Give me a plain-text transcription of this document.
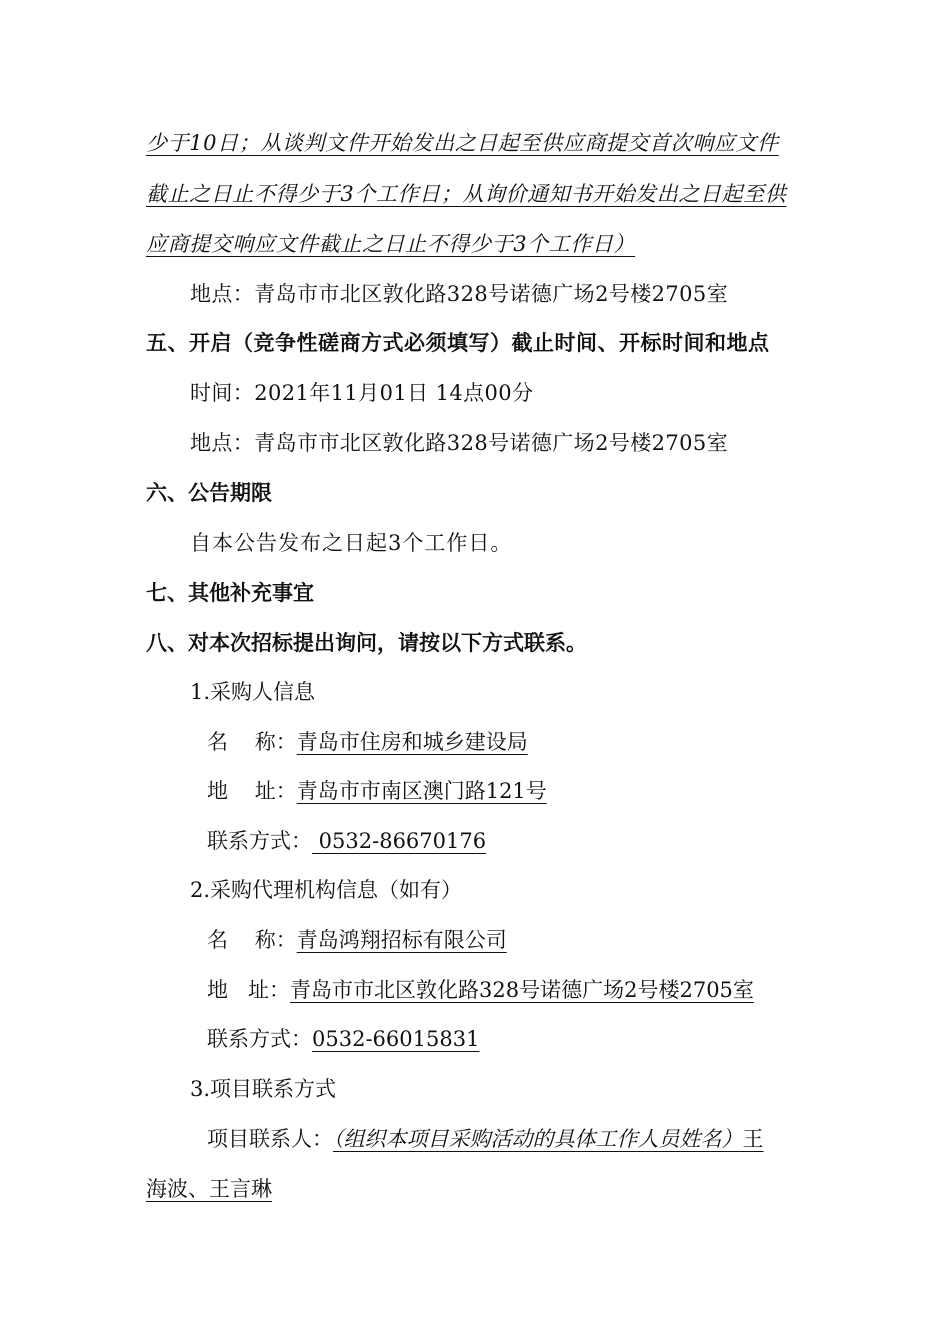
少于10日；从谈判文件开始发出之日起至供应商提交首次响应文件
截止之日止不得少于3个工作日；从询价通知书开始发出之日起至供
应商提交响应文件截止之日止不得少于3个工作日）
地点：青岛市市北区敦化路328号诺德广场2号楼2705室
五、开启（竞争性磋商方式必须填写）截止时间、开标时间和地点
时间：2021年11月01日 14点00分
地点：青岛市市北区敦化路328号诺德广场2号楼2705室
六、公告期限
自本公告发布之日起3个工作日。
七、其他补充事宜
八、对本次招标提出询问，请按以下方式联系。
1.采购人信息
名    称：青岛市住房和城乡建设局
地    址：青岛市市南区澳门路121号
联系方式： 0532-86670176
2.采购代理机构信息（如有）
名    称：青岛鸿翔招标有限公司
地   址：青岛市市北区敦化路328号诺德广场2号楼2705室
联系方式：0532-66015831
3.项目联系方式
项目联系人：（组织本项目采购活动的具体工作人员姓名）王
海波、王言琳
